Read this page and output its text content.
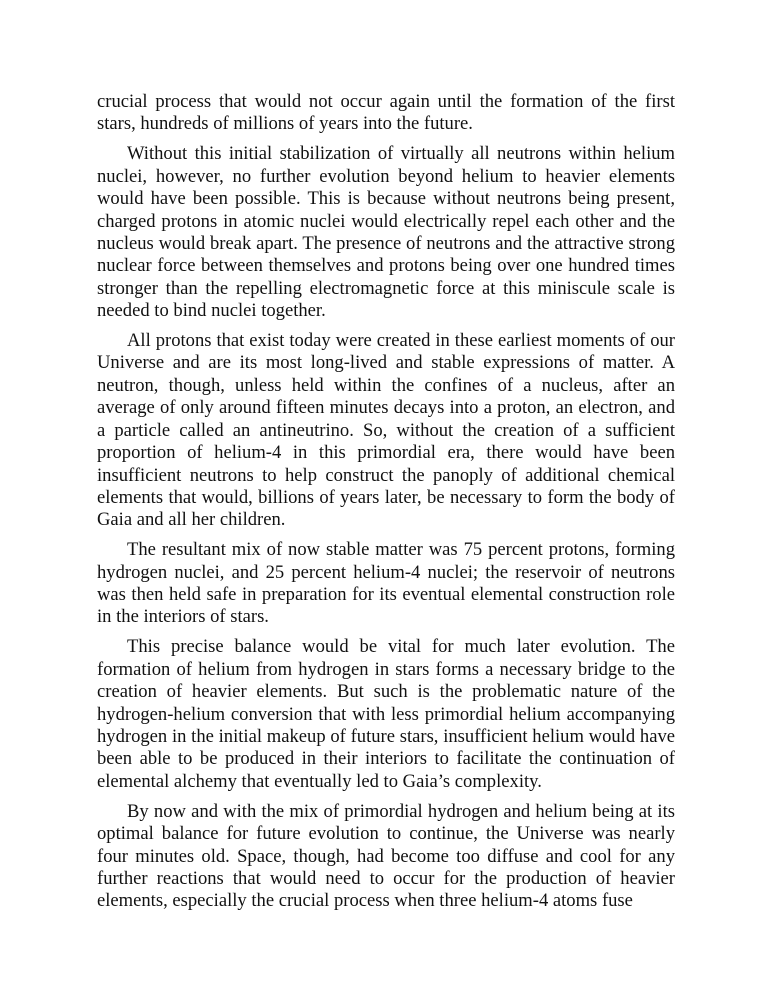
crucial process that would not occur again until the formation of the first stars, hundreds of millions of years into the future.

Without this initial stabilization of virtually all neutrons within helium nuclei, however, no further evolution beyond helium to heavier elements would have been possible. This is because without neutrons being present, charged protons in atomic nuclei would electrically repel each other and the nucleus would break apart. The presence of neutrons and the attractive strong nuclear force between themselves and protons being over one hundred times stronger than the repelling electromagnetic force at this miniscule scale is needed to bind nuclei together.

All protons that exist today were created in these earliest moments of our Universe and are its most long-lived and stable expressions of matter. A neutron, though, unless held within the confines of a nucleus, after an average of only around fifteen minutes decays into a proton, an electron, and a particle called an antineutrino. So, without the creation of a sufficient proportion of helium-4 in this primordial era, there would have been insufficient neutrons to help construct the panoply of additional chemical elements that would, billions of years later, be necessary to form the body of Gaia and all her children.

The resultant mix of now stable matter was 75 percent protons, forming hydrogen nuclei, and 25 percent helium-4 nuclei; the reservoir of neutrons was then held safe in preparation for its eventual elemental construction role in the interiors of stars.

This precise balance would be vital for much later evolution. The formation of helium from hydrogen in stars forms a necessary bridge to the creation of heavier elements. But such is the problematic nature of the hydrogen-helium conversion that with less primordial helium accompanying hydrogen in the initial makeup of future stars, insufficient helium would have been able to be produced in their interiors to facilitate the continuation of elemental alchemy that eventually led to Gaia’s complexity.

By now and with the mix of primordial hydrogen and helium being at its optimal balance for future evolution to continue, the Universe was nearly four minutes old. Space, though, had become too diffuse and cool for any further reactions that would need to occur for the production of heavier elements, especially the crucial process when three helium-4 atoms fuse
